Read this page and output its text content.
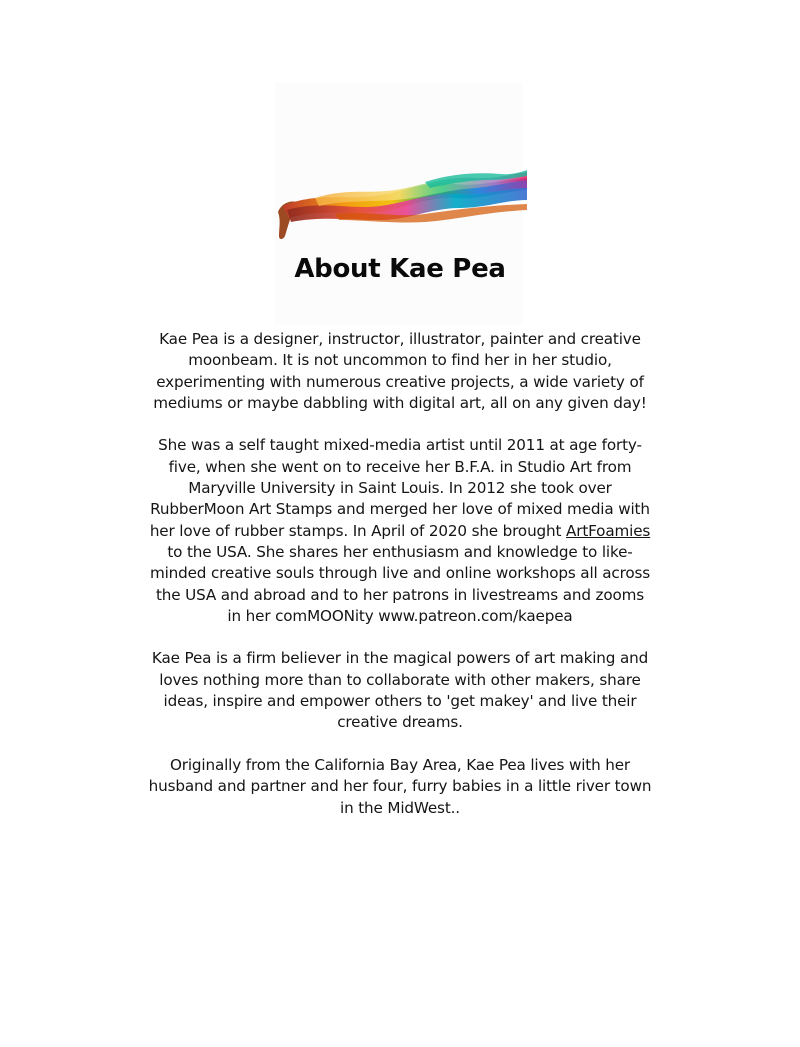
About Kae Pea

Kae Pea is a designer, instructor, illustrator, painter and creative moonbeam. It is not uncommon to find her in her studio, experimenting with numerous creative projects, a wide variety of mediums or maybe dabbling with digital art, all on any given day!

She was a self taught mixed-media artist until 2011 at age forty-five, when she went on to receive her B.F.A. in Studio Art from Maryville University in Saint Louis. In 2012 she took over RubberMoon Art Stamps and merged her love of mixed media with her love of rubber stamps. In April of 2020 she brought ArtFoamies to the USA. She shares her enthusiasm and knowledge to like-minded creative souls through live and online workshops all across the USA and abroad and to her patrons in livestreams and zooms in her comMOONity www.patreon.com/kaepea

Kae Pea is a firm believer in the magical powers of art making and loves nothing more than to collaborate with other makers, share ideas, inspire and empower others to 'get makey' and live their creative dreams.

Originally from the California Bay Area, Kae Pea lives with her husband and partner and her four, furry babies in a little river town in the MidWest..
